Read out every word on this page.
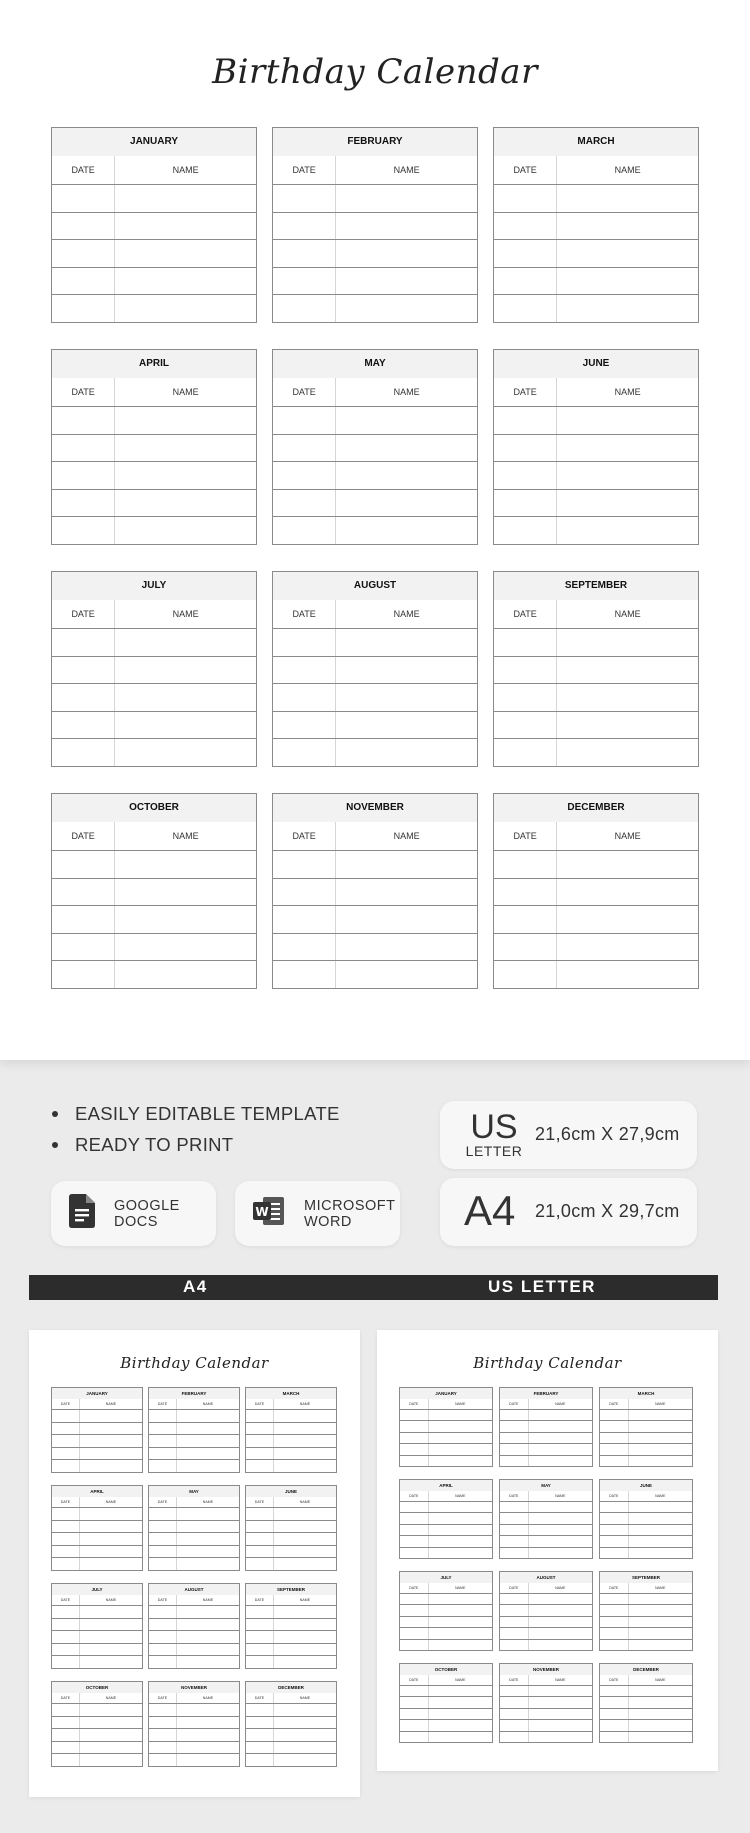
Birthday Calendar
JANUARY
DATE	NAME
FEBRUARY
DATE	NAME
MARCH
DATE	NAME
APRIL
DATE	NAME
MAY
DATE	NAME
JUNE
DATE	NAME
JULY
DATE	NAME
AUGUST
DATE	NAME
SEPTEMBER
DATE	NAME
OCTOBER
DATE	NAME
NOVEMBER
DATE	NAME
DECEMBER
DATE	NAME
EASILY EDITABLE TEMPLATE
READY TO PRINT
GOOGLE DOCS
W MICROSOFT WORD
US
LETTER
21,6cm X 27,9cm
A4 21,0cm X 29,7cm
A4	US LETTER
Birthday Calendar
JANUARY
DATE	NAME
FEBRUARY
DATE	NAME
MARCH
DATE	NAME
APRIL
DATE	NAME
MAY
DATE	NAME
JUNE
DATE	NAME
JULY
DATE	NAME
AUGUST
DATE	NAME
SEPTEMBER
DATE	NAME
OCTOBER
DATE	NAME
NOVEMBER
DATE	NAME
DECEMBER
DATE	NAME
Birthday Calendar
JANUARY
DATE	NAME
FEBRUARY
DATE	NAME
MARCH
DATE	NAME
APRIL
DATE	NAME
MAY
DATE	NAME
JUNE
DATE	NAME
JULY
DATE	NAME
AUGUST
DATE	NAME
SEPTEMBER
DATE	NAME
OCTOBER
DATE	NAME
NOVEMBER
DATE	NAME
DECEMBER
DATE	NAME
